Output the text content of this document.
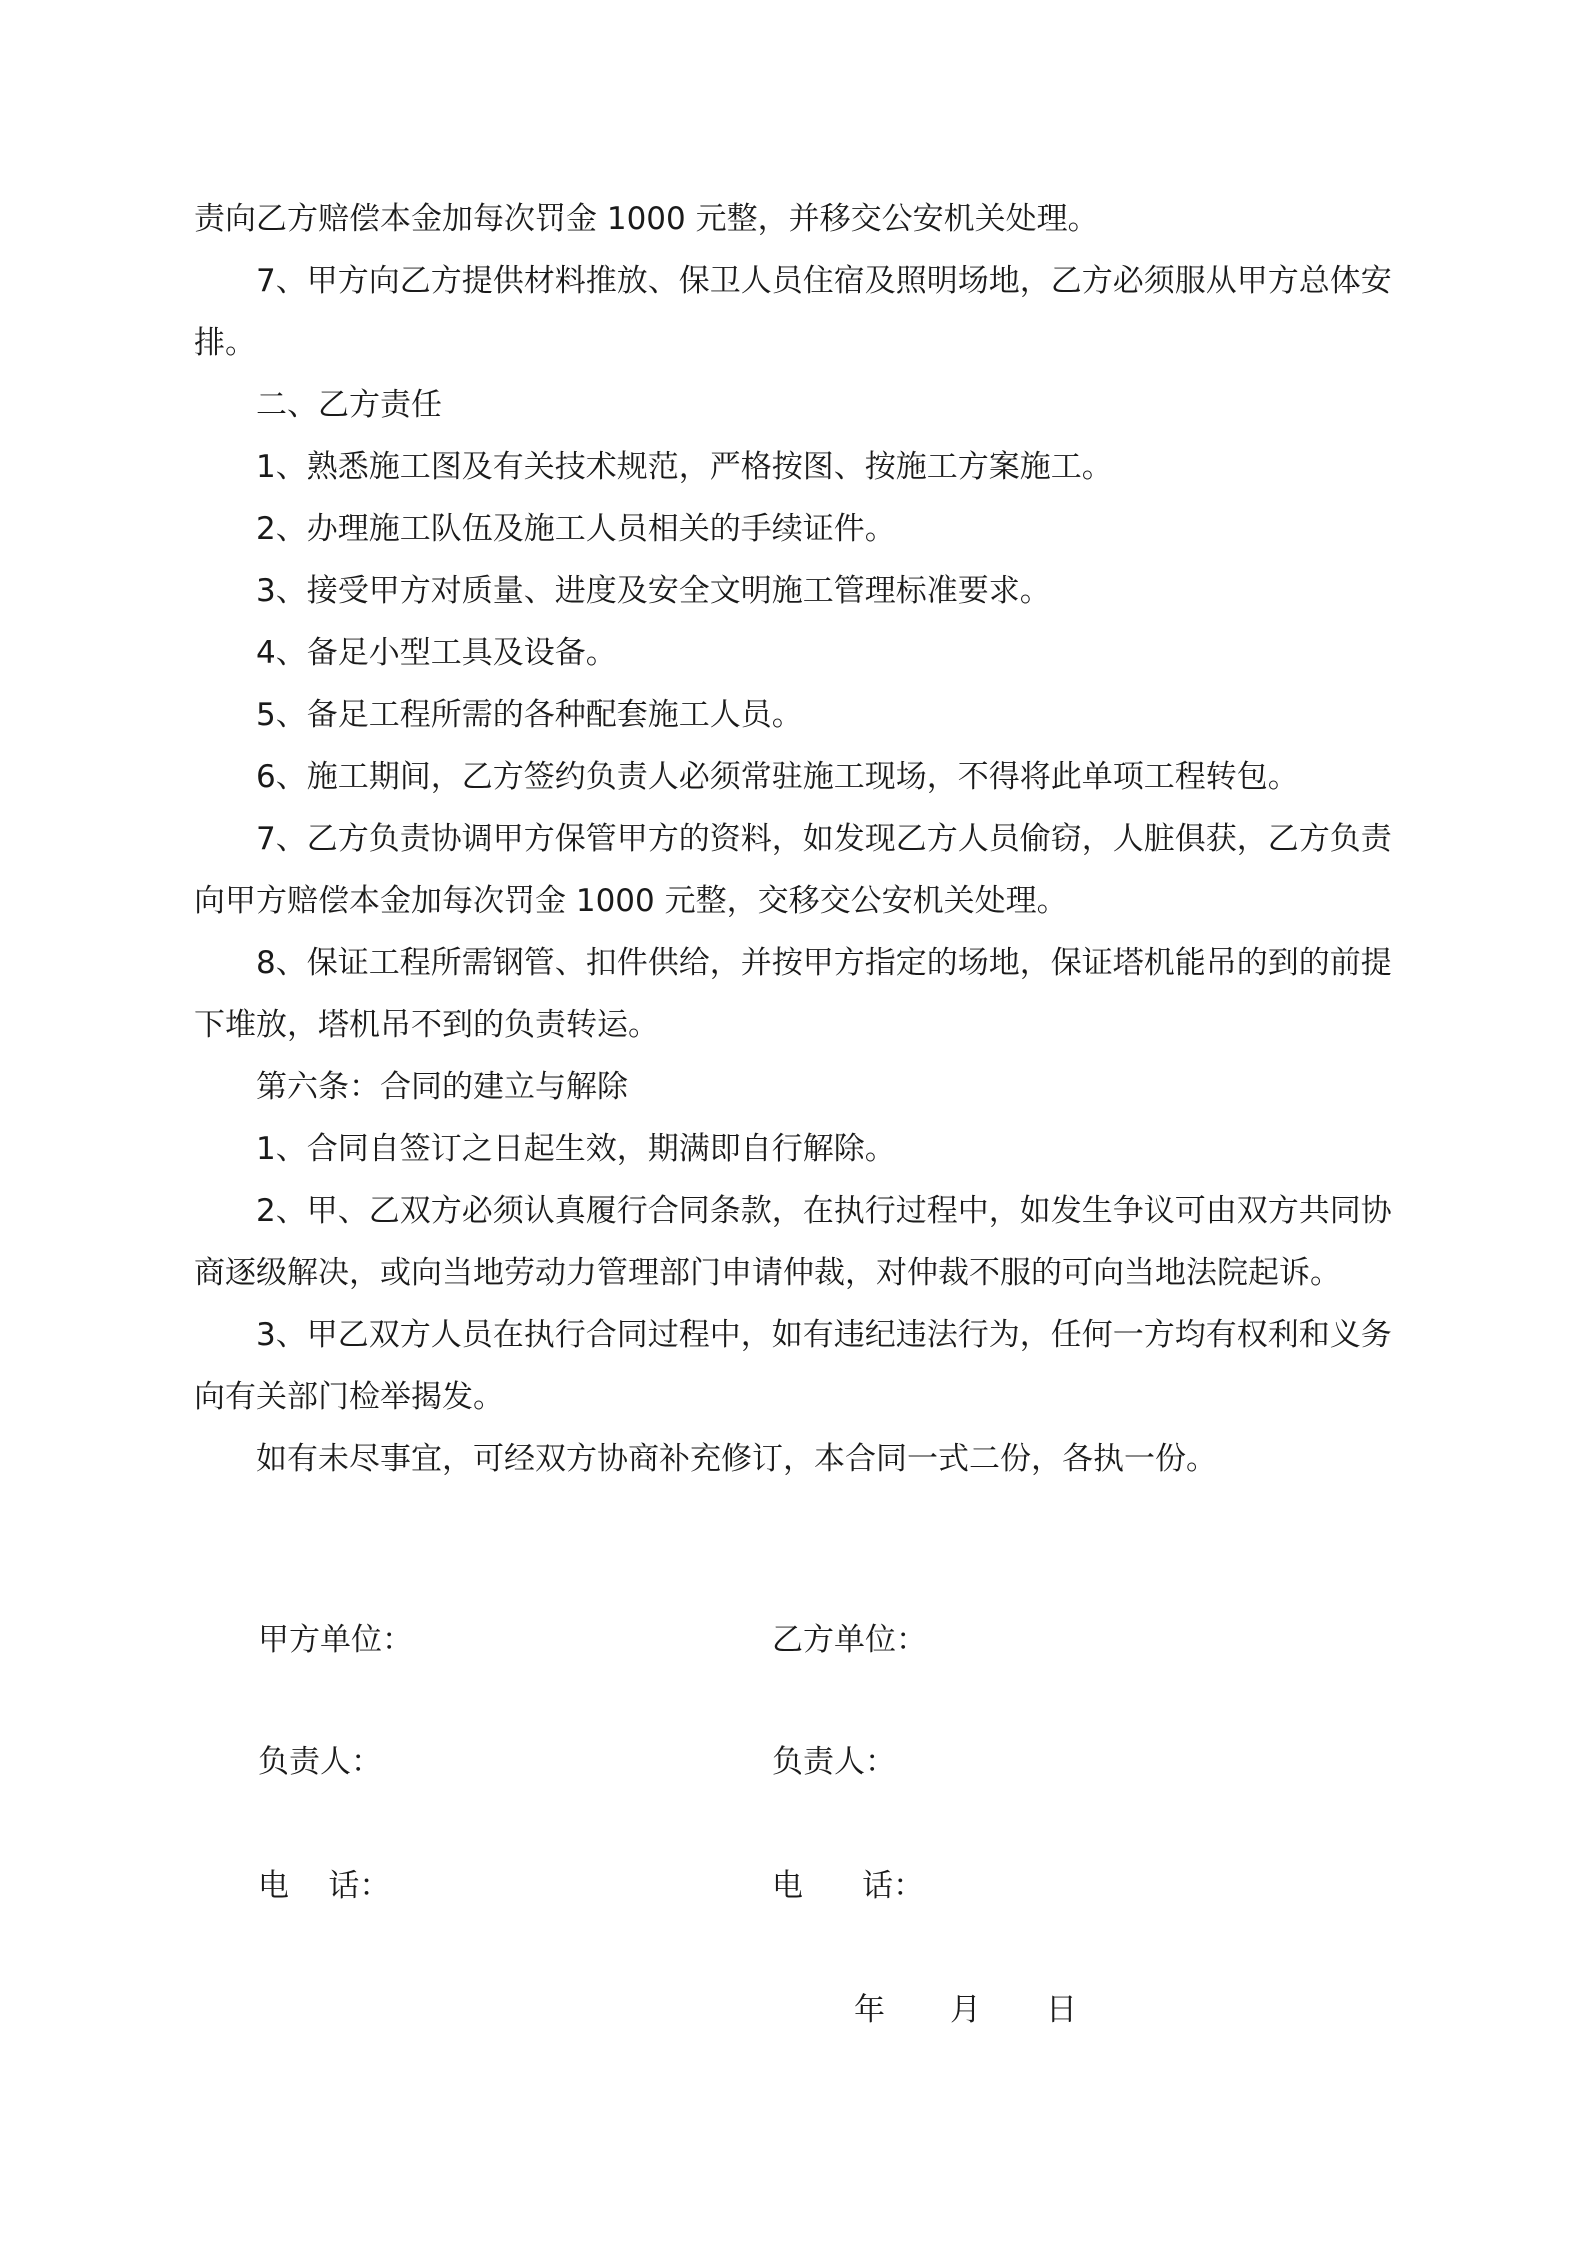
责向乙方赔偿本金加每次罚金 1000 元整，并移交公安机关处理。

7、甲方向乙方提供材料推放、保卫人员住宿及照明场地，乙方必须服从甲方总体安排。

二、乙方责任

1、熟悉施工图及有关技术规范，严格按图、按施工方案施工。

2、办理施工队伍及施工人员相关的手续证件。

3、接受甲方对质量、进度及安全文明施工管理标准要求。

4、备足小型工具及设备。

5、备足工程所需的各种配套施工人员。

6、施工期间，乙方签约负责人必须常驻施工现场，不得将此单项工程转包。

7、乙方负责协调甲方保管甲方的资料，如发现乙方人员偷窃，人脏俱获，乙方负责向甲方赔偿本金加每次罚金 1000 元整，交移交公安机关处理。

8、保证工程所需钢管、扣件供给，并按甲方指定的场地，保证塔机能吊的到的前提下堆放，塔机吊不到的负责转运。

第六条：合同的建立与解除

1、合同自签订之日起生效，期满即自行解除。

2、甲、乙双方必须认真履行合同条款，在执行过程中，如发生争议可由双方共同协商逐级解决，或向当地劳动力管理部门申请仲裁，对仲裁不服的可向当地法院起诉。

3、甲乙双方人员在执行合同过程中，如有违纪违法行为，任何一方均有权利和义务向有关部门检举揭发。

如有未尽事宜，可经双方协商补充修订，本合同一式二份，各执一份。

甲方单位：	乙方单位：
负责人：	负责人：
电    话：	电      话：
年 月 日
